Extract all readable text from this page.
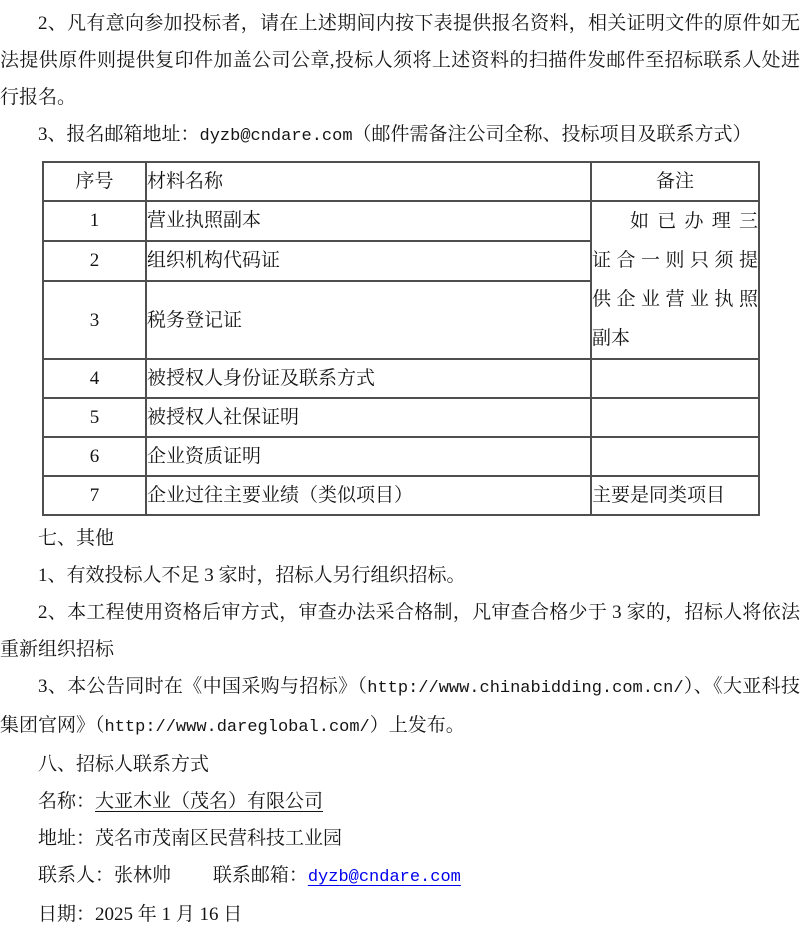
2、凡有意向参加投标者，请在上述期间内按下表提供报名资料，相关证明文件的原件如无法提供原件则提供复印件加盖公司公章,投标人须将上述资料的扫描件发邮件至招标联系人处进行报名。

3、报名邮箱地址：dyzb@cndare.com（邮件需备注公司全称、投标项目及联系方式）

序号	材料名称	备注
1	营业执照副本	如已办理三
证合一则只须提
供企业营业执照
副本

2	组织机构代码证	
3	税务登记证	
4	被授权人身份证及联系方式	
5	被授权人社保证明	
6	企业资质证明	
7	企业过往主要业绩（类似项目）	主要是同类项目

七、其他

1、有效投标人不足 3 家时，招标人另行组织招标。

2、本工程使用资格后审方式，审查办法采合格制，凡审查合格少于 3 家的，招标人将依法重新组织招标

3、本公告同时在《中国采购与招标》（http://www.chinabidding.com.cn/）、《大亚科技集团官网》（http://www.dareglobal.com/）上发布。

八、招标人联系方式

名称：大亚木业（茂名）有限公司

地址：茂名市茂南区民营科技工业园

联系人：张林帅 联系邮箱：dyzb@cndare.com

日期：2025 年 1 月 16 日
